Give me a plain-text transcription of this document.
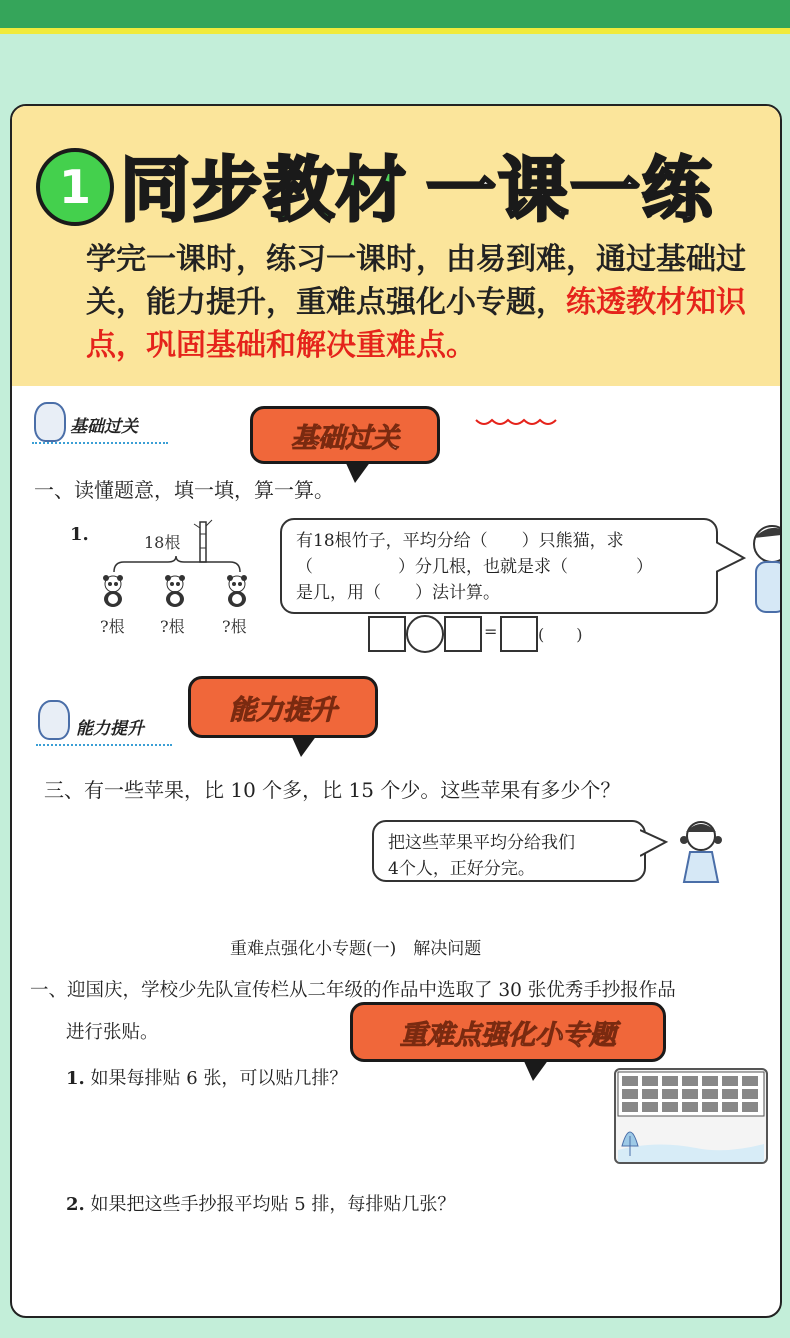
1 同步教材 一课一练
学完一课时，练习一课时，由易到难，通过基础过关，能力提升，重难点强化小专题，练透教材知识点，巩固基础和解决重难点。
基础过关	基础过关
一、读懂题意，填一填，算一算。
1.	18根
?根 ?根 ?根
有18根竹子，平均分给（　　）只熊猫，求
（　　　　　）分几根，也就是求（　　　　）
是几，用（　　）法计算。
=	(　　)
能力提升
能力提升
三、有一些苹果，比 10 个多，比 15 个少。这些苹果有多少个？
把这些苹果平均分给我们
4个人，正好分完。
重难点强化小专题(一)　解决问题
一、迎国庆，学校少先队宣传栏从二年级的作品中选取了 30 张优秀手抄报作品
进行张贴。	重难点强化小专题
1. 如果每排贴 6 张，可以贴几排？
2. 如果把这些手抄报平均贴 5 排，每排贴几张？
